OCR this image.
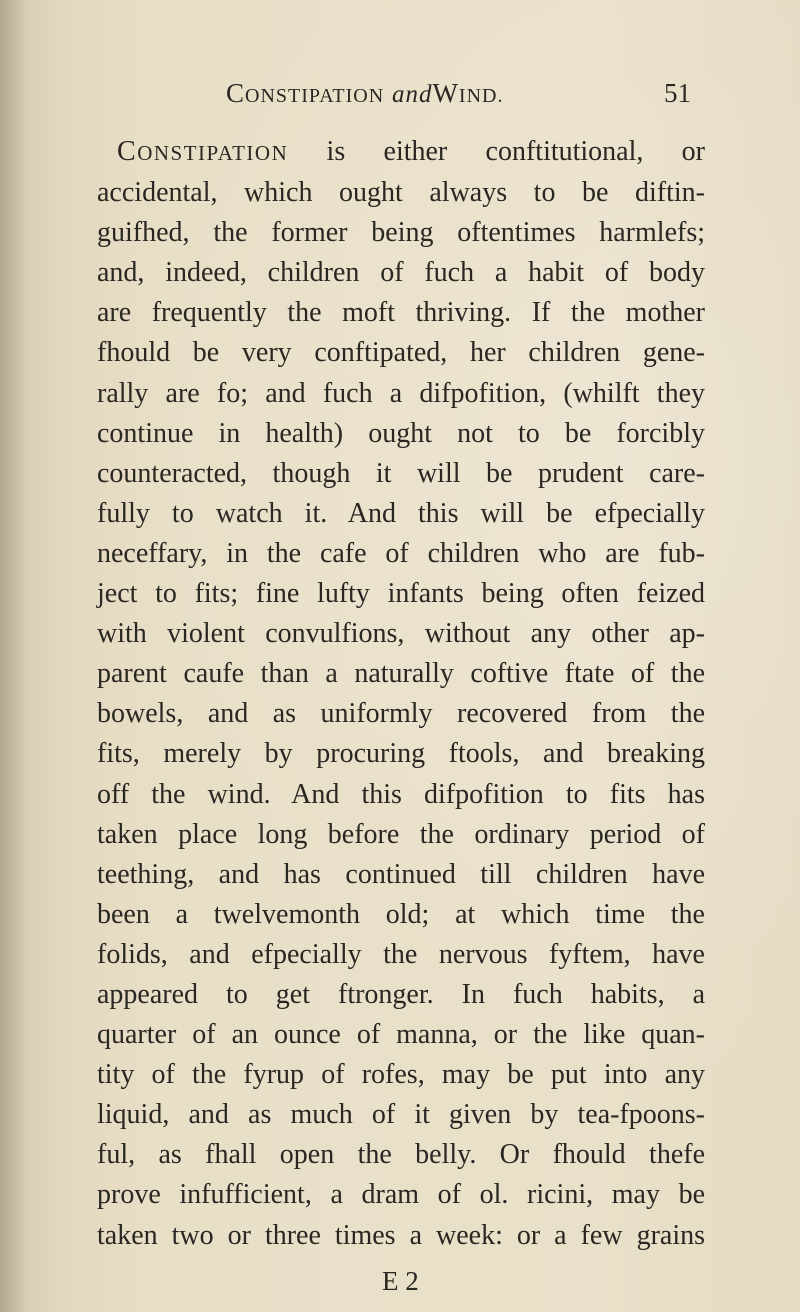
CONSTIPATION andWIND.	51
CONSTIPATION is either conftitutional, or
accidental, which ought always to be diftin-
guifhed, the former being oftentimes harmlefs;
and, indeed, children of fuch a habit of body
are frequently the moft thriving. If the mother
fhould be very conftipated, her children gene-
rally are fo; and fuch a difpofition, (whilft they
continue in health) ought not to be forcibly
counteracted, though it will be prudent care-
fully to watch it. And this will be efpecially
neceffary, in the cafe of children who are fub-
ject to fits; fine lufty infants being often feized
with violent convulfions, without any other ap-
parent caufe than a naturally coftive ftate of the
bowels, and as uniformly recovered from the
fits, merely by procuring ftools, and breaking
off the wind. And this difpofition to fits has
taken place long before the ordinary period of
teething, and has continued till children have
been a twelvemonth old; at which time the
folids, and efpecially the nervous fyftem, have
appeared to get ftronger. In fuch habits, a
quarter of an ounce of manna, or the like quan-
tity of the fyrup of rofes, may be put into any
liquid, and as much of it given by tea-fpoons-
ful, as fhall open the belly. Or fhould thefe
prove infufficient, a dram of ol. ricini, may be
taken two or three times a week: or a few grains
E 2
